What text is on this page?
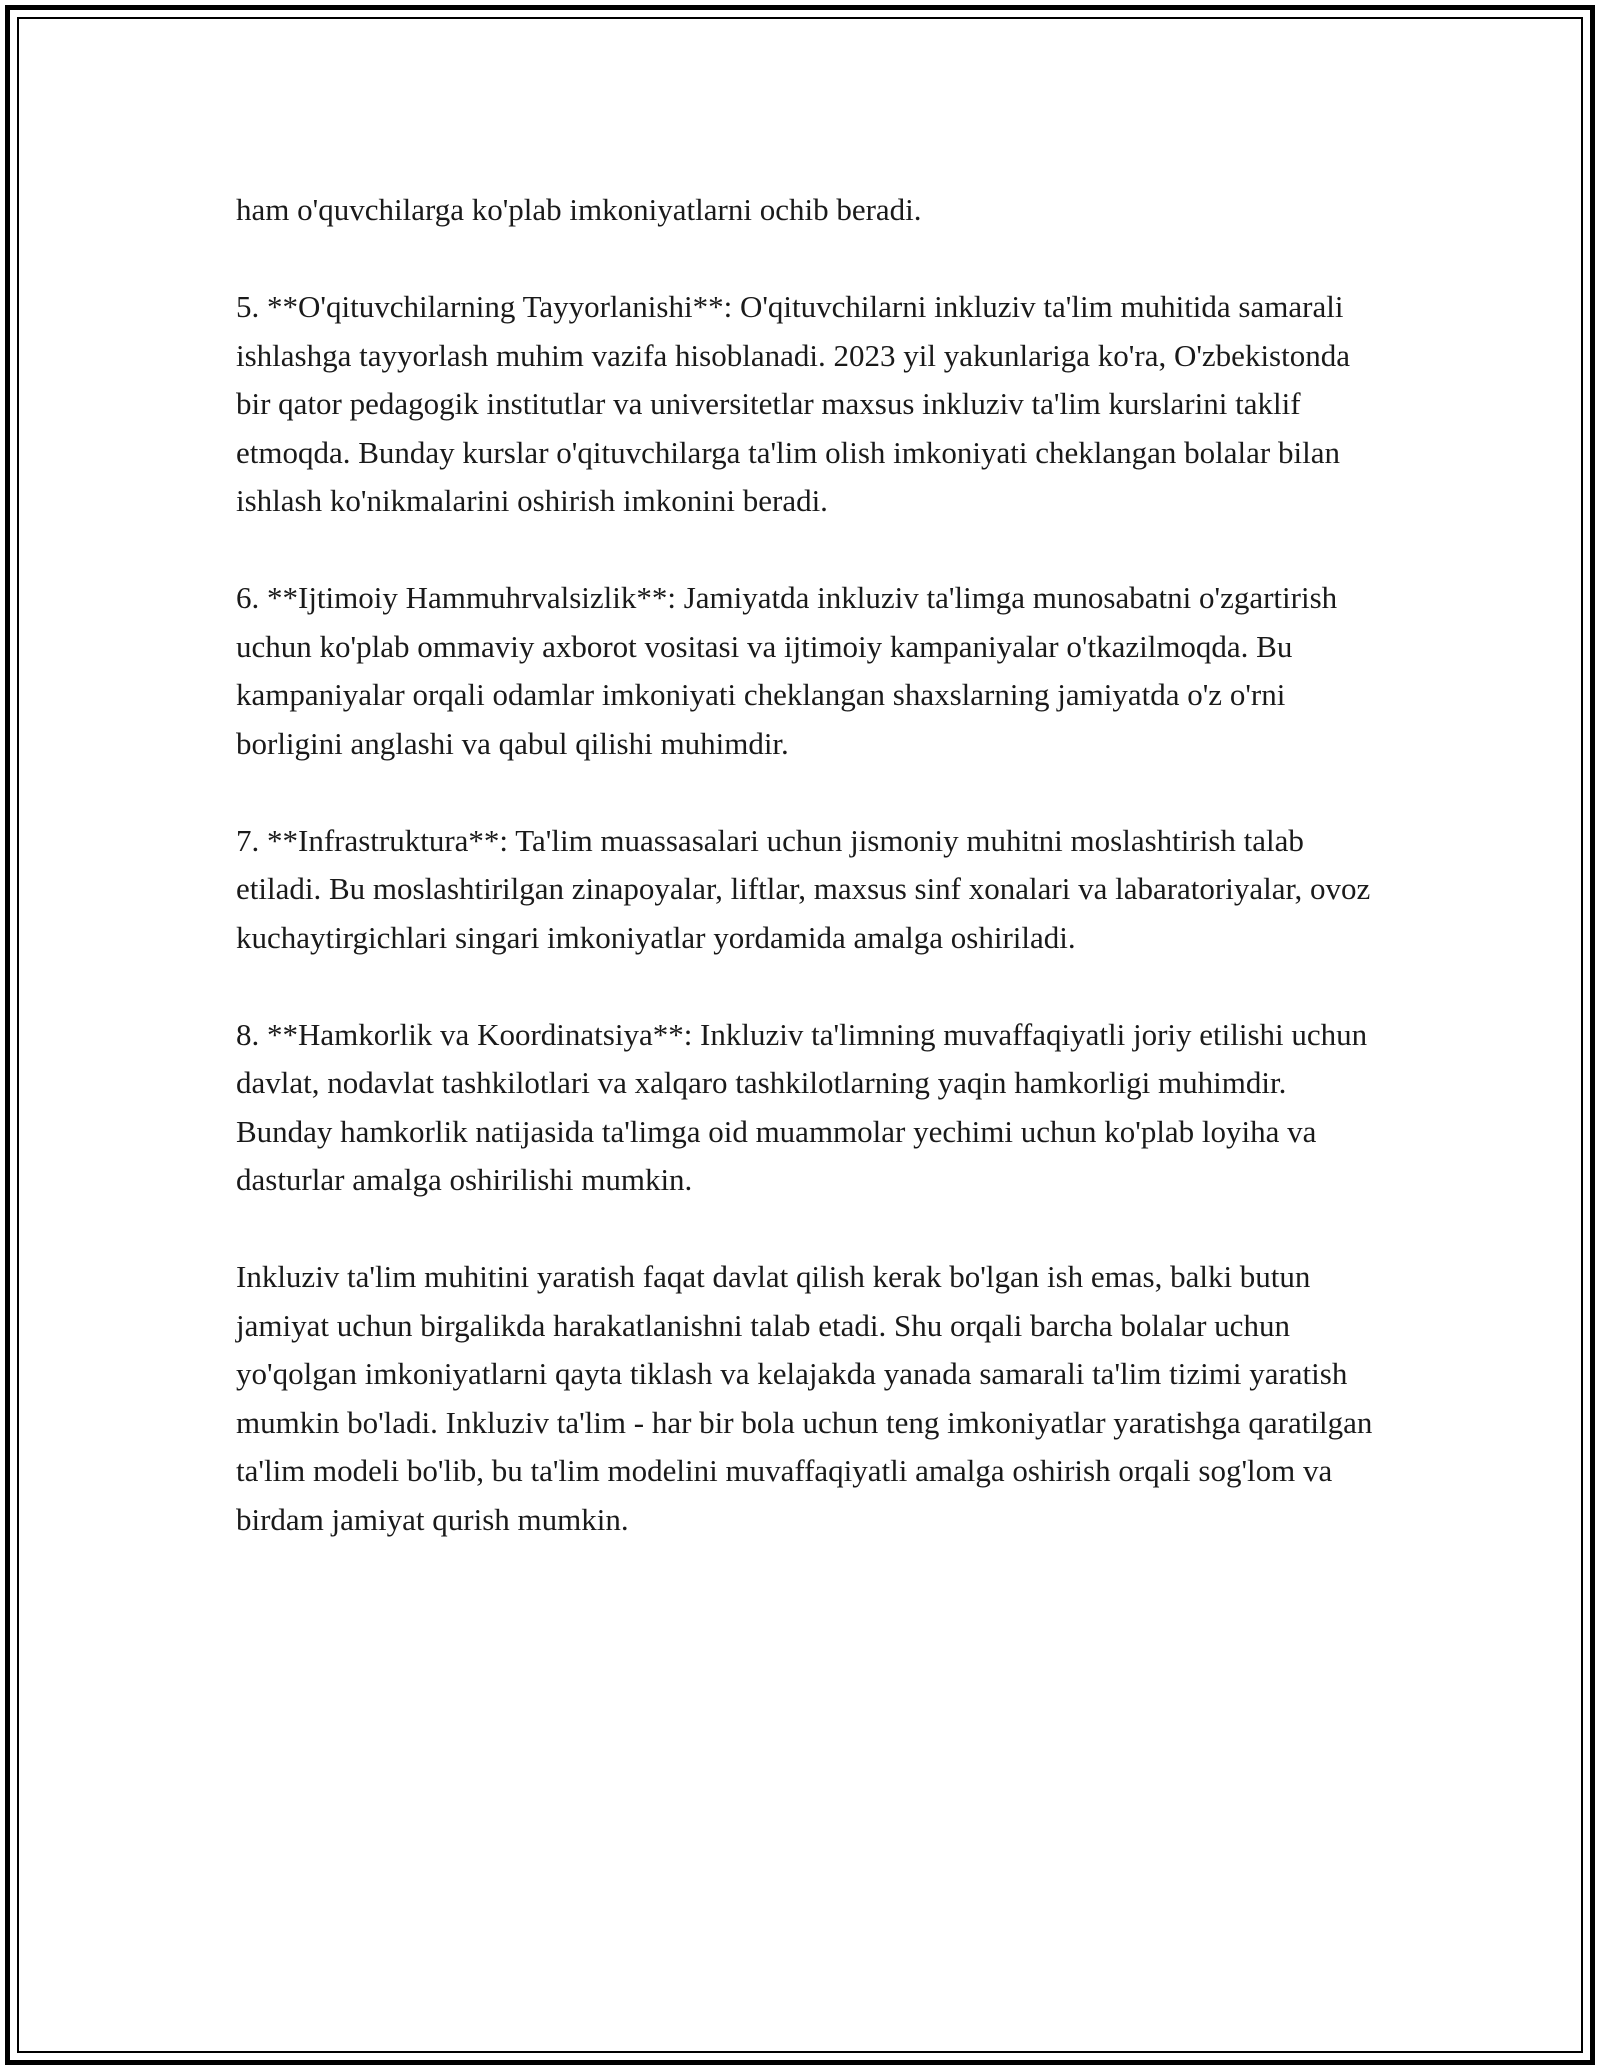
ham o'quvchilarga ko'plab imkoniyatlarni ochib beradi.

5. **O'qituvchilarning Tayyorlanishi**: O'qituvchilarni inkluziv ta'lim muhitida samarali ishlashga tayyorlash muhim vazifa hisoblanadi. 2023 yil yakunlariga ko'ra, O'zbekistonda bir qator pedagogik institutlar va universitetlar maxsus inkluziv ta'lim kurslarini taklif etmoqda. Bunday kurslar o'qituvchilarga ta'lim olish imkoniyati cheklangan bolalar bilan ishlash ko'nikmalarini oshirish imkonini beradi.

6. **Ijtimoiy Hammuhrvalsizlik**: Jamiyatda inkluziv ta'limga munosabatni o'zgartirish uchun ko'plab ommaviy axborot vositasi va ijtimoiy kampaniyalar o'tkazilmoqda. Bu kampaniyalar orqali odamlar imkoniyati cheklangan shaxslarning jamiyatda o'z o'rni borligini anglashi va qabul qilishi muhimdir.

7. **Infrastruktura**: Ta'lim muassasalari uchun jismoniy muhitni moslashtirish talab etiladi. Bu moslashtirilgan zinapoyalar, liftlar, maxsus sinf xonalari va labaratoriyalar, ovoz kuchaytirgichlari singari imkoniyatlar yordamida amalga oshiriladi.

8. **Hamkorlik va Koordinatsiya**: Inkluziv ta'limning muvaffaqiyatli joriy etilishi uchun davlat, nodavlat tashkilotlari va xalqaro tashkilotlarning yaqin hamkorligi muhimdir. Bunday hamkorlik natijasida ta'limga oid muammolar yechimi uchun ko'plab loyiha va dasturlar amalga oshirilishi mumkin.

Inkluziv ta'lim muhitini yaratish faqat davlat qilish kerak bo'lgan ish emas, balki butun jamiyat uchun birgalikda harakatlanishni talab etadi. Shu orqali barcha bolalar uchun yo'qolgan imkoniyatlarni qayta tiklash va kelajakda yanada samarali ta'lim tizimi yaratish mumkin bo'ladi. Inkluziv ta'lim - har bir bola uchun teng imkoniyatlar yaratishga qaratilgan ta'lim modeli bo'lib, bu ta'lim modelini muvaffaqiyatli amalga oshirish orqali sog'lom va birdam jamiyat qurish mumkin.
